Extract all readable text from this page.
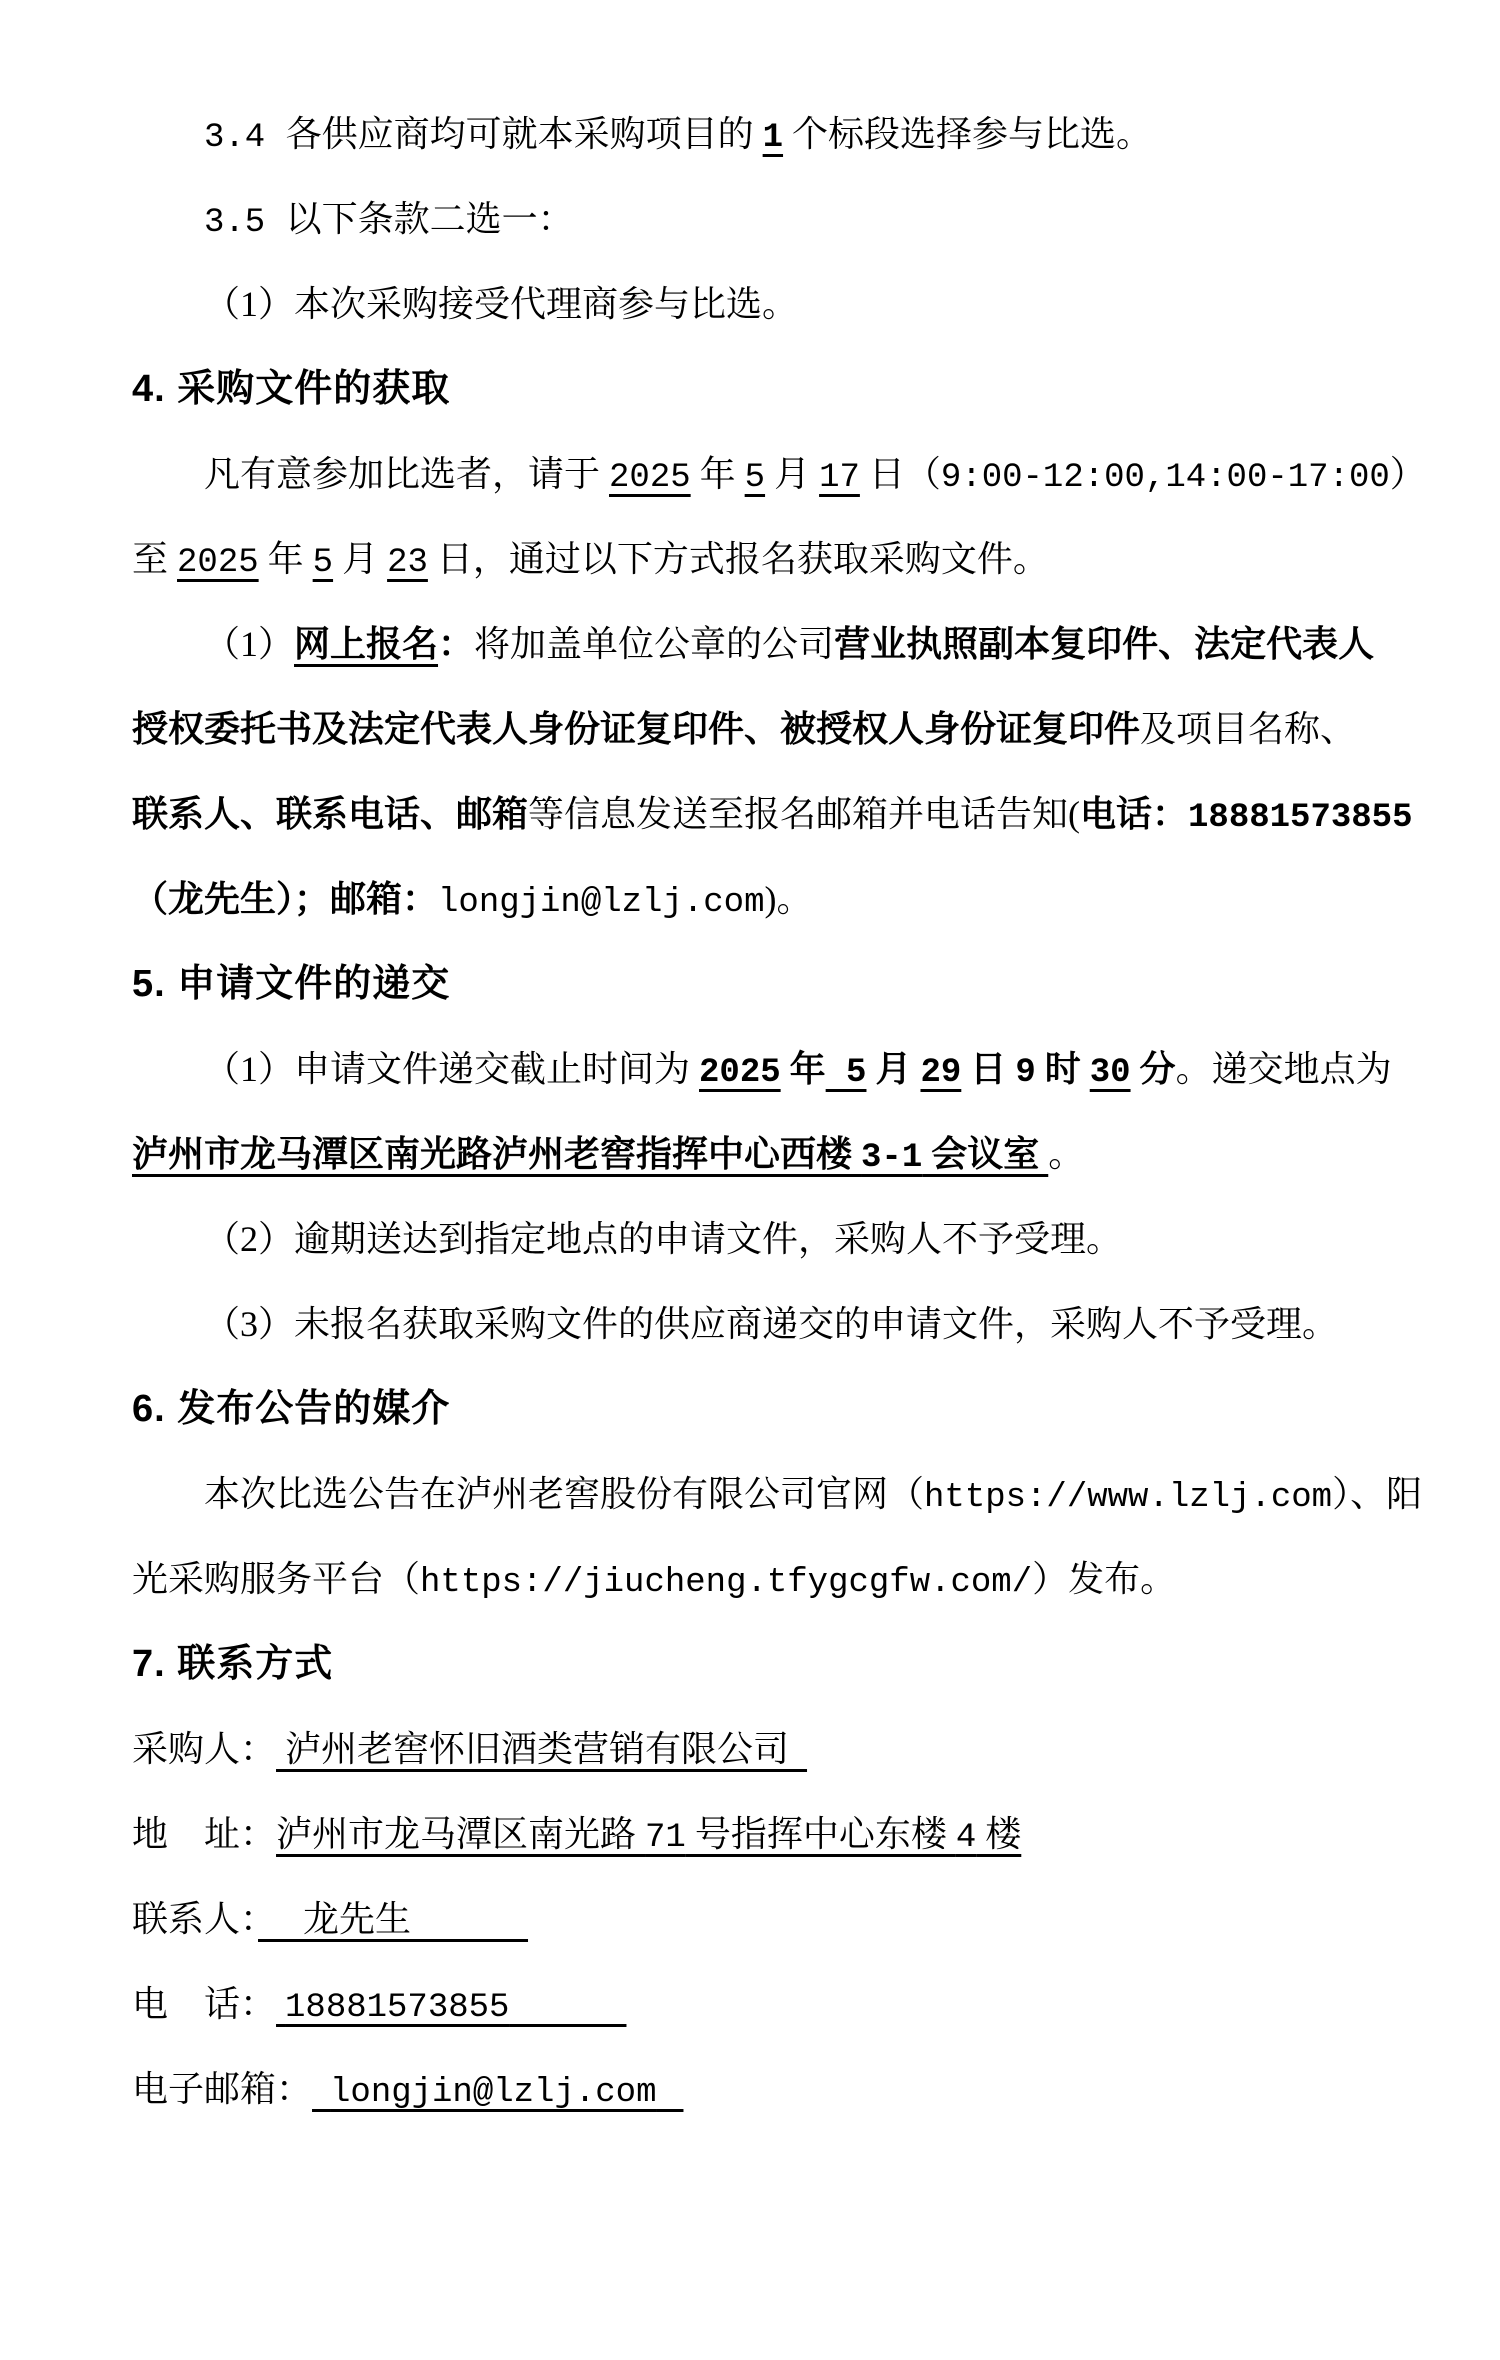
3.4 各供应商均可就本采购项目的 1 个标段选择参与比选。
3.5 以下条款二选一：
（1）本次采购接受代理商参与比选。
4. 采购文件的获取
凡有意参加比选者，请于 2025 年 5 月 17 日（9:00-12:00,14:00-17:00）
至 2025 年 5 月 23 日，通过以下方式报名获取采购文件。
（1）网上报名：将加盖单位公章的公司营业执照副本复印件、法定代表人
授权委托书及法定代表人身份证复印件、被授权人身份证复印件及项目名称、
联系人、联系电话、邮箱等信息发送至报名邮箱并电话告知(电话：18881573855
（龙先生）；邮箱：longjin@lzlj.com)。
5. 申请文件的递交
（1）申请文件递交截止时间为 2025 年 5 月 29 日 9 时 30 分。递交地点为
泸州市龙马潭区南光路泸州老窖指挥中心西楼 3-1 会议室 。
（2）逾期送达到指定地点的申请文件，采购人不予受理。
（3）未报名获取采购文件的供应商递交的申请文件，采购人不予受理。
6. 发布公告的媒介
本次比选公告在泸州老窖股份有限公司官网（https://www.lzlj.com）、阳
光采购服务平台（https://jiucheng.tfygcgfw.com/）发布。
7. 联系方式
采购人： 泸州老窖怀旧酒类营销有限公司
地　址：泸州市龙马潭区南光路 71 号指挥中心东楼 4 楼
联系人：　 龙先生　　　
电　话： 18881573855　　　
电子邮箱： longjin@lzlj.com
